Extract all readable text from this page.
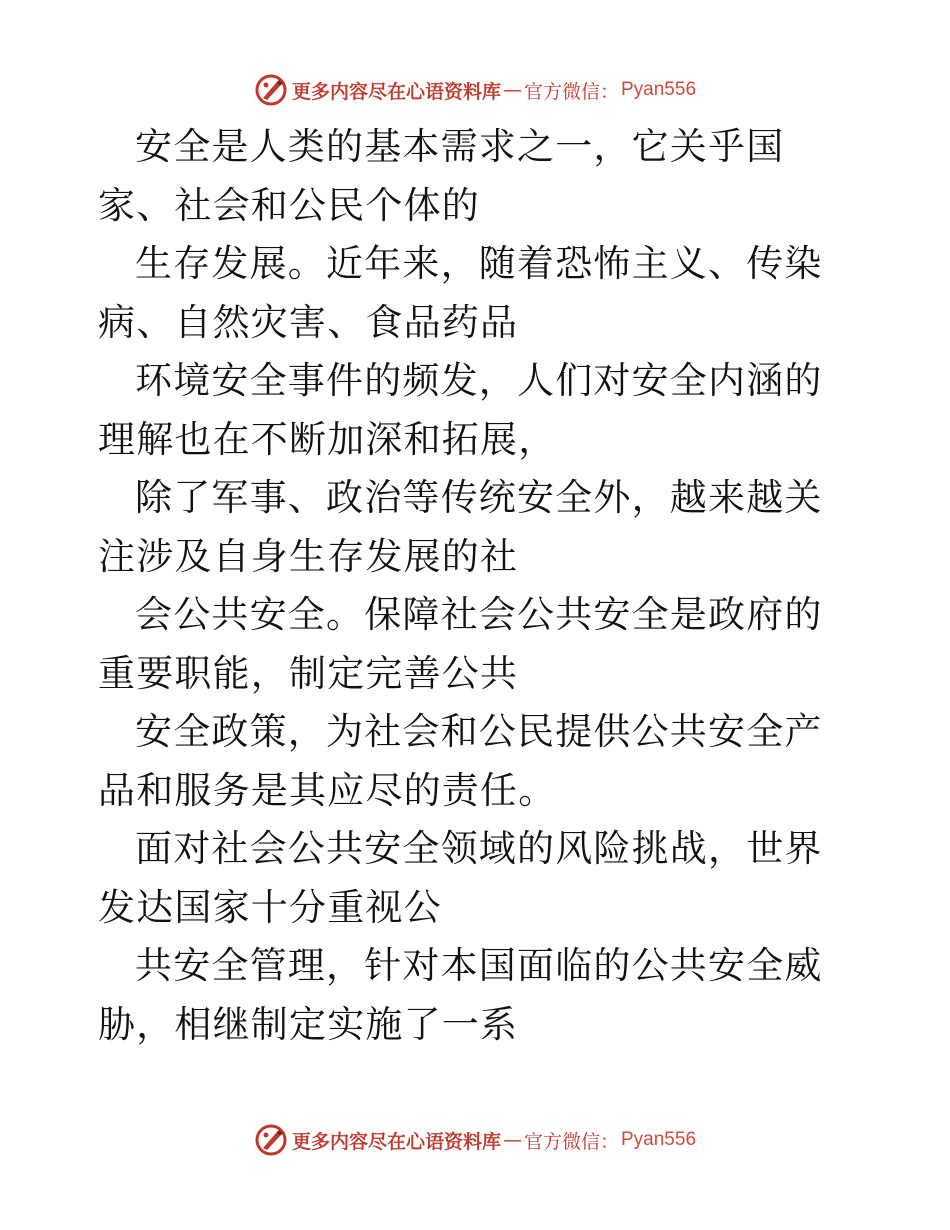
更多内容尽在心语资料库 — 官方微信： Pyan556

安全是人类的基本需求之一，它关乎国家、社会和公民个体的

生存发展。近年来，随着恐怖主义、传染病、自然灾害、食品药品

环境安全事件的频发，人们对安全内涵的理解也在不断加深和拓展，

除了军事、政治等传统安全外，越来越关注涉及自身生存发展的社

会公共安全。保障社会公共安全是政府的重要职能，制定完善公共

安全政策，为社会和公民提供公共安全产品和服务是其应尽的责任。

面对社会公共安全领域的风险挑战，世界发达国家十分重视公

共安全管理，针对本国面临的公共安全威胁，相继制定实施了一系

更多内容尽在心语资料库 — 官方微信： Pyan556
